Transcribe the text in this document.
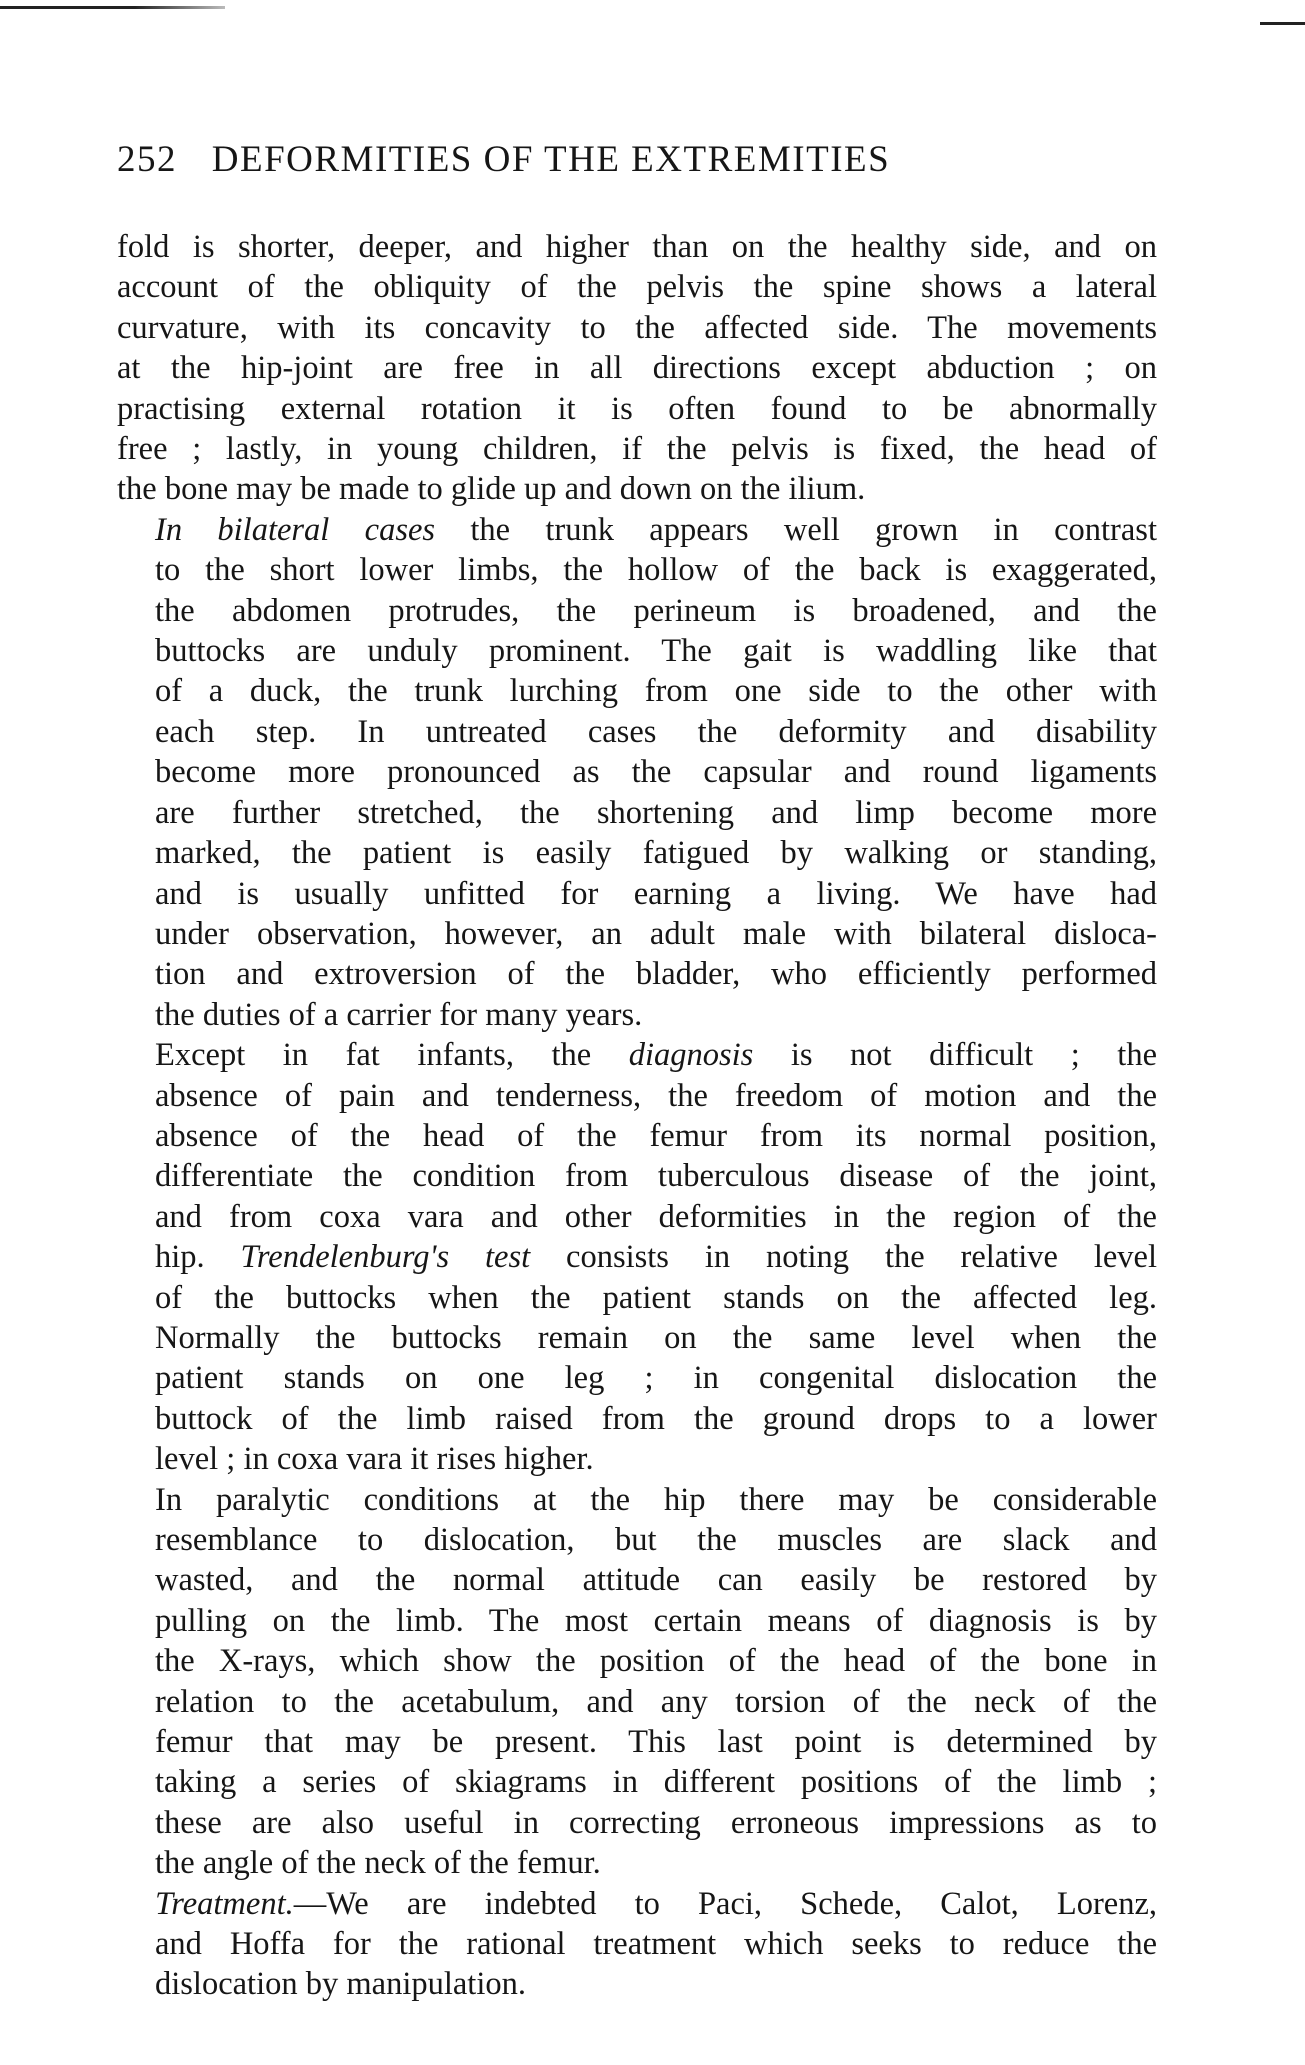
252 DEFORMITIES OF THE EXTREMITIES

fold is shorter, deeper, and higher than on the healthy side, and on
account of the obliquity of the pelvis the spine shows a lateral
curvature, with its concavity to the affected side. The movements
at the hip-joint are free in all directions except abduction ; on
practising external rotation it is often found to be abnormally
free ; lastly, in young children, if the pelvis is fixed, the head of
the bone may be made to glide up and down on the ilium.

In bilateral cases the trunk appears well grown in contrast
to the short lower limbs, the hollow of the back is exaggerated,
the abdomen protrudes, the perineum is broadened, and the
buttocks are unduly prominent. The gait is waddling like that
of a duck, the trunk lurching from one side to the other with
each step. In untreated cases the deformity and disability
become more pronounced as the capsular and round ligaments
are further stretched, the shortening and limp become more
marked, the patient is easily fatigued by walking or standing,
and is usually unfitted for earning a living. We have had
under observation, however, an adult male with bilateral disloca-
tion and extroversion of the bladder, who efficiently performed
the duties of a carrier for many years.

Except in fat infants, the diagnosis is not difficult ; the
absence of pain and tenderness, the freedom of motion and the
absence of the head of the femur from its normal position,
differentiate the condition from tuberculous disease of the joint,
and from coxa vara and other deformities in the region of the
hip. Trendelenburg's test consists in noting the relative level
of the buttocks when the patient stands on the affected leg.
Normally the buttocks remain on the same level when the
patient stands on one leg ; in congenital dislocation the
buttock of the limb raised from the ground drops to a lower
level ; in coxa vara it rises higher.

In paralytic conditions at the hip there may be considerable
resemblance to dislocation, but the muscles are slack and
wasted, and the normal attitude can easily be restored by
pulling on the limb. The most certain means of diagnosis is by
the X-rays, which show the position of the head of the bone in
relation to the acetabulum, and any torsion of the neck of the
femur that may be present. This last point is determined by
taking a series of skiagrams in different positions of the limb ;
these are also useful in correcting erroneous impressions as to
the angle of the neck of the femur.

Treatment.—We are indebted to Paci, Schede, Calot, Lorenz,
and Hoffa for the rational treatment which seeks to reduce the
dislocation by manipulation.
